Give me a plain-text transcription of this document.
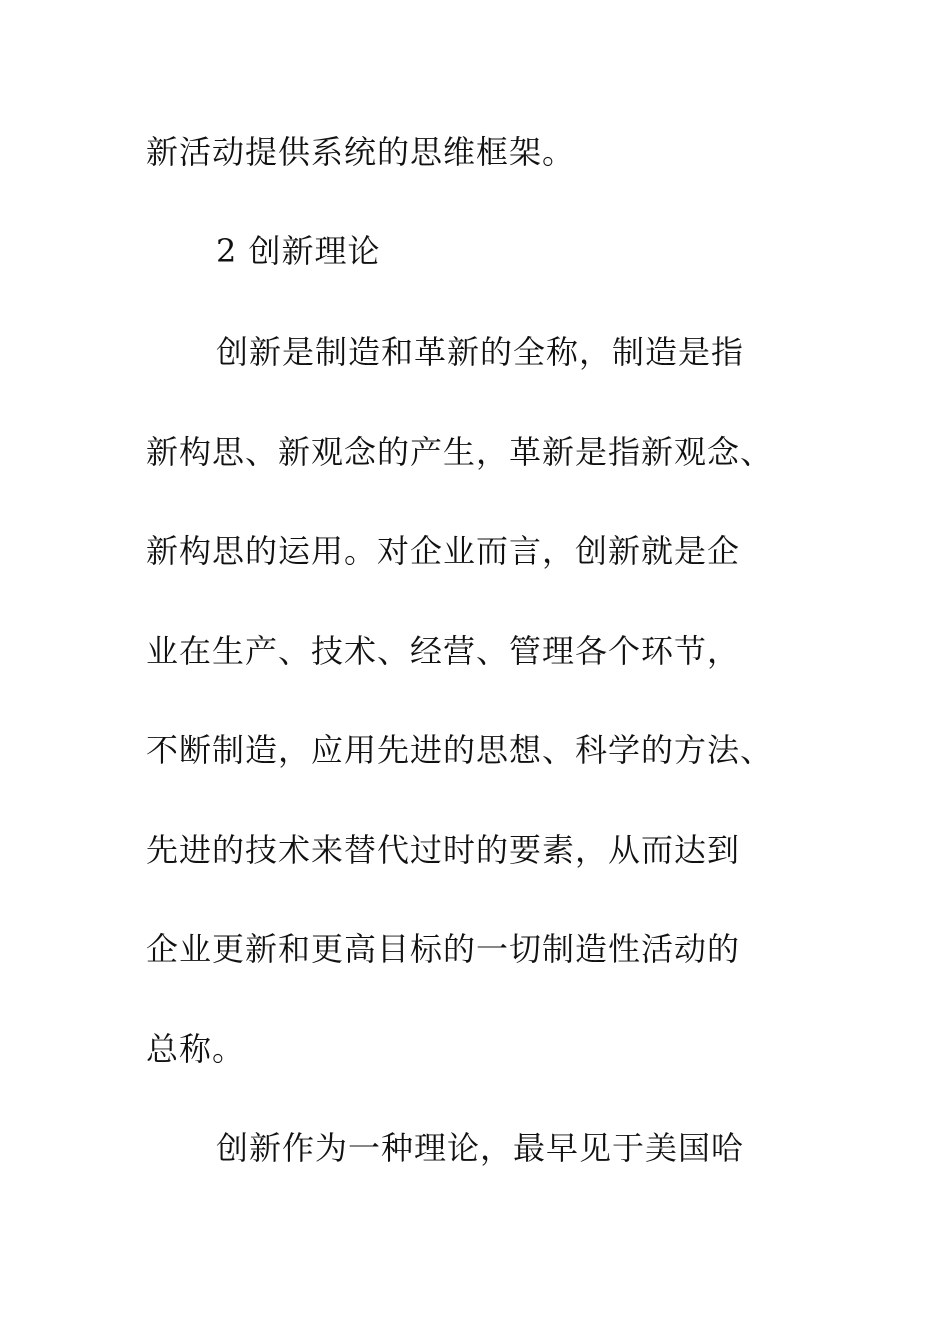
新活动提供系统的思维框架。
2 创新理论
创新是制造和革新的全称，制造是指
新构思、新观念的产生，革新是指新观念、
新构思的运用。对企业而言，创新就是企
业在生产、技术、经营、管理各个环节，
不断制造，应用先进的思想、科学的方法、
先进的技术来替代过时的要素，从而达到
企业更新和更高目标的一切制造性活动的
总称。
创新作为一种理论，最早见于美国哈
